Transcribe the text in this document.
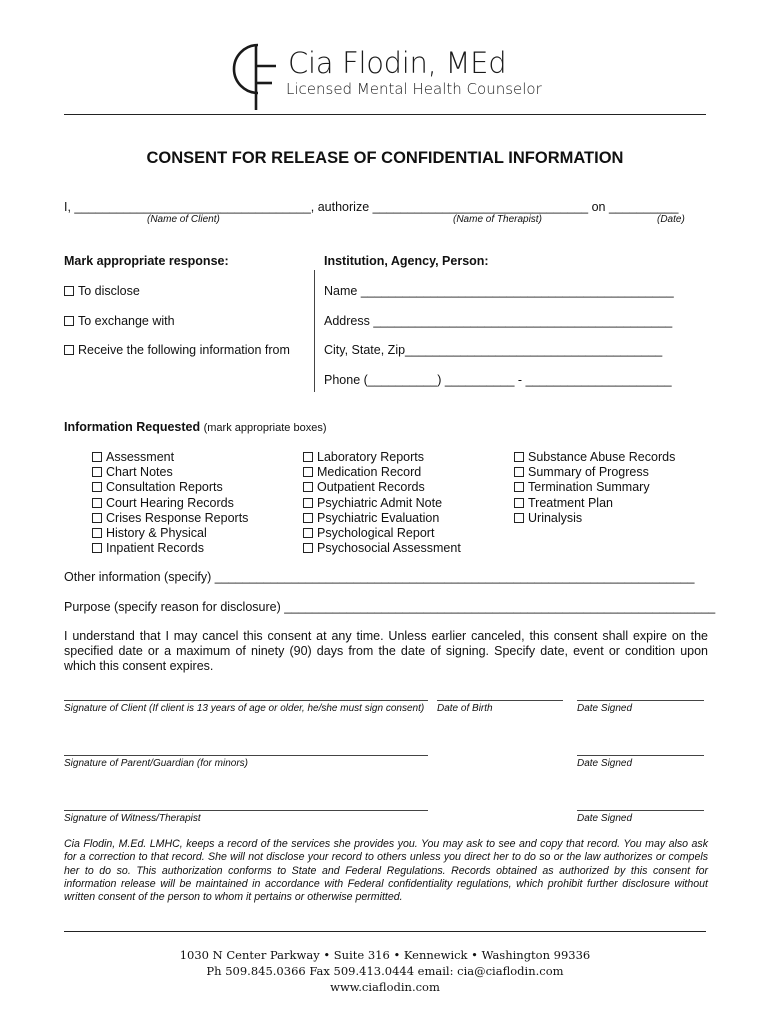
Cia Flodin, MEd
Licensed Mental Health Counselor
CONSENT FOR RELEASE OF CONFIDENTIAL INFORMATION
I, __________________________________, authorize _______________________________ on __________
(Name of Client)	(Name of Therapist)	(Date)
Mark appropriate response:
To disclose
To exchange with
Receive the following information from
Institution, Agency, Person:
Name _____________________________________________
Address ___________________________________________
City, State, Zip_____________________________________
Phone (__________) __________ - _____________________
Information Requested (mark appropriate boxes)
Assessment
Chart Notes
Consultation Reports
Court Hearing Records
Crises Response Reports
History & Physical
Inpatient Records
Laboratory Reports
Medication Record
Outpatient Records
Psychiatric Admit Note
Psychiatric Evaluation
Psychological Report
Psychosocial Assessment
Substance Abuse Records
Summary of Progress
Termination Summary
Treatment Plan
Urinalysis
Other information (specify) _____________________________________________________________________
Purpose (specify reason for disclosure) ______________________________________________________________
I understand that I may cancel this consent at any time. Unless earlier canceled, this consent shall expire on the specified date or a maximum of ninety (90) days from the date of signing. Specify date, event or condition upon which this consent expires.
Signature of Client (If client is 13 years of age or older, he/she must sign consent) Date of Birth	Date Signed
Signature of Parent/Guardian (for minors)	Date Signed
Signature of Witness/Therapist	Date Signed
Cia Flodin, M.Ed. LMHC, keeps a record of the services she provides you. You may ask to see and copy that record. You may also ask for a correction to that record. She will not disclose your record to others unless you direct her to do so or the law authorizes or compels her to do so. This authorization conforms to State and Federal Regulations. Records obtained as authorized by this consent for information release will be maintained in accordance with Federal confidentiality regulations, which prohibit further disclosure without written consent of the person to whom it pertains or otherwise permitted.
1030 N Center Parkway • Suite 316 • Kennewick • Washington 99336
Ph 509.845.0366 Fax 509.413.0444 email: cia@ciaflodin.com
www.ciaflodin.com
